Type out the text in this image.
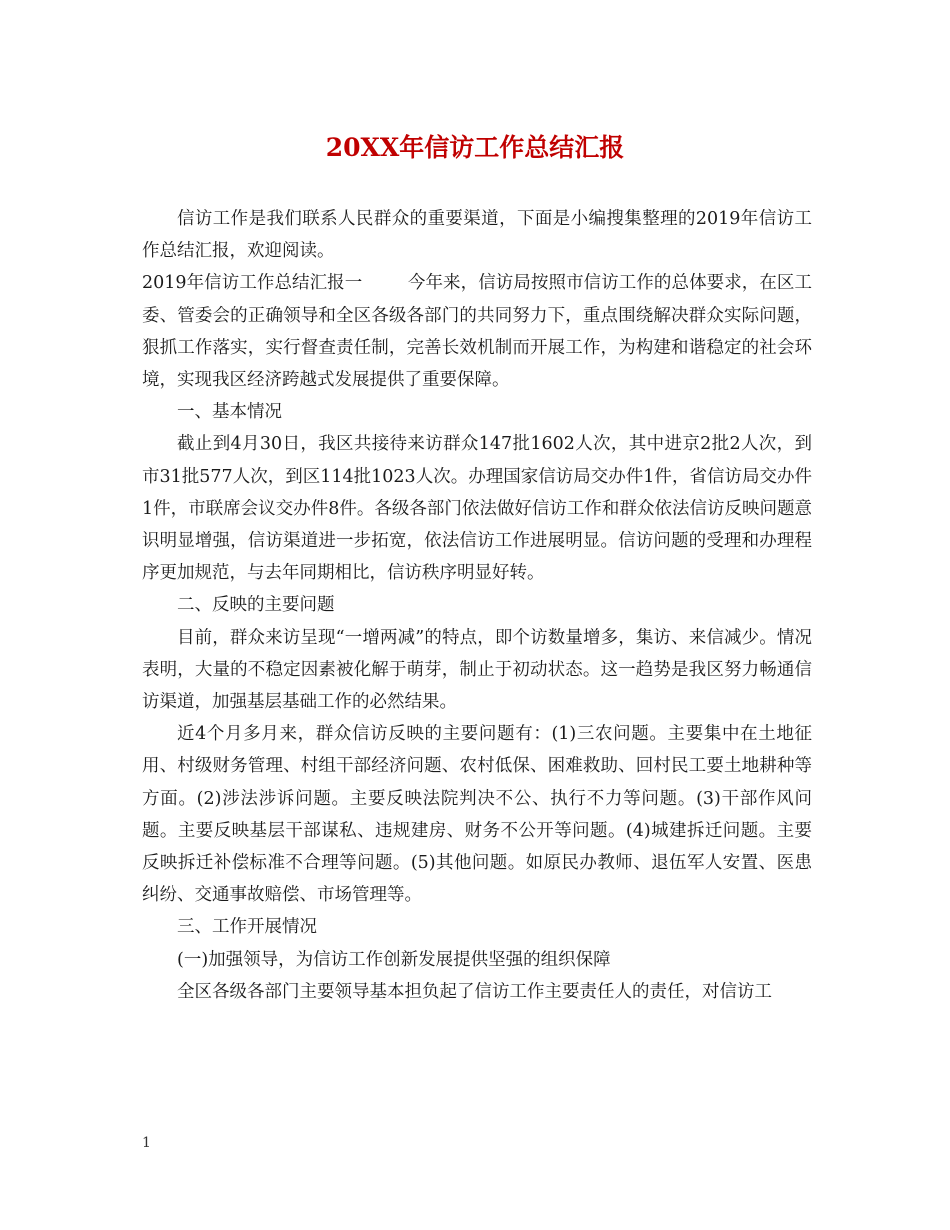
20XX年信访工作总结汇报

信访工作是我们联系人民群众的重要渠道，下面是小编搜集整理的2019年信访工作总结汇报，欢迎阅读。

2019年信访工作总结汇报一	今年来，信访局按照市信访工作的总体要求，在区工委、管委会的正确领导和全区各级各部门的共同努力下，重点围绕解决群众实际问题，狠抓工作落实，实行督查责任制，完善长效机制而开展工作，为构建和谐稳定的社会环境，实现我区经济跨越式发展提供了重要保障。

一、基本情况

截止到4月30日，我区共接待来访群众147批1602人次，其中进京2批2人次，到市31批577人次，到区114批1023人次。办理国家信访局交办件1件，省信访局交办件1件，市联席会议交办件8件。各级各部门依法做好信访工作和群众依法信访反映问题意识明显增强，信访渠道进一步拓宽，依法信访工作进展明显。信访问题的受理和办理程序更加规范，与去年同期相比，信访秩序明显好转。

二、反映的主要问题

目前，群众来访呈现“一增两减”的特点，即个访数量增多，集访、来信减少。情况表明，大量的不稳定因素被化解于萌芽，制止于初动状态。这一趋势是我区努力畅通信访渠道，加强基层基础工作的必然结果。

近4个月多月来，群众信访反映的主要问题有：(1)三农问题。主要集中在土地征用、村级财务管理、村组干部经济问题、农村低保、困难救助、回村民工要土地耕种等方面。(2)涉法涉诉问题。主要反映法院判决不公、执行不力等问题。(3)干部作风问题。主要反映基层干部谋私、违规建房、财务不公开等问题。(4)城建拆迁问题。主要反映拆迁补偿标准不合理等问题。(5)其他问题。如原民办教师、退伍军人安置、医患纠纷、交通事故赔偿、市场管理等。

三、工作开展情况

(一)加强领导，为信访工作创新发展提供坚强的组织保障

全区各级各部门主要领导基本担负起了信访工作主要责任人的责任，对信访工

1
